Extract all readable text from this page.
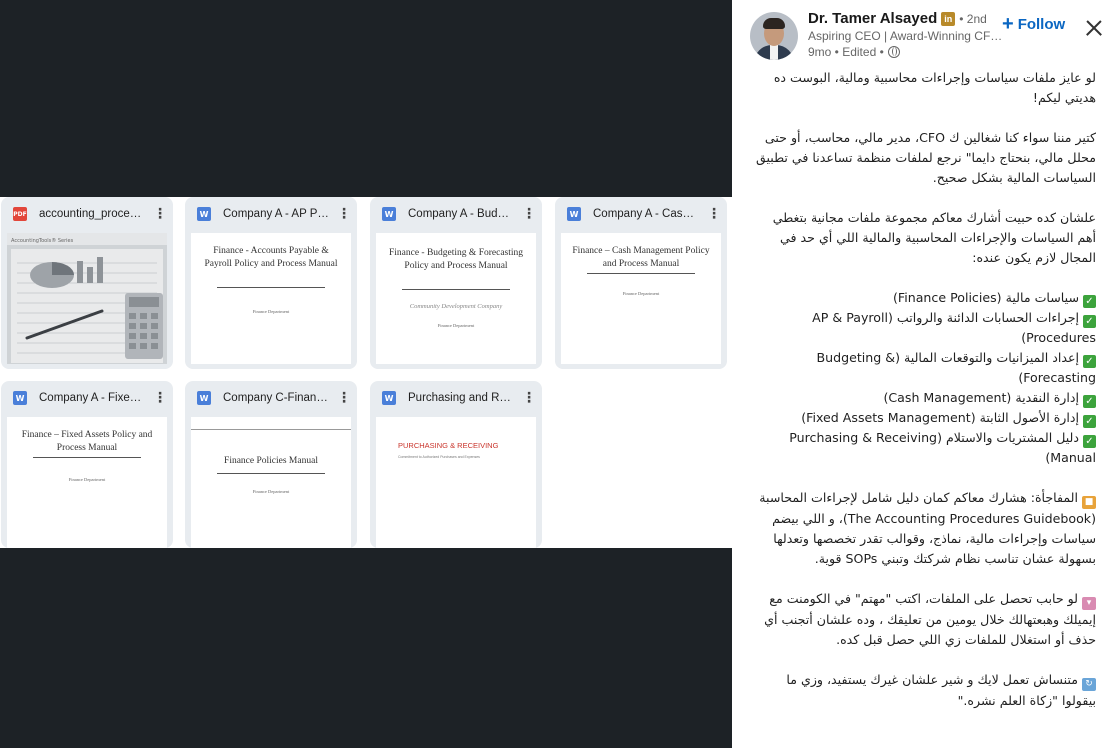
PDF accounting_proce… ⋮
AccountingTools® Series
W Company A - AP P… ⋮
Finance - Accounts Payable & Payroll Policy and Process Manual
Finance Department
W Company A - Bud… ⋮
Finance - Budgeting & Forecasting Policy and Process Manual
Community Development Company
Finance Department
W Company A - Cas… ⋮
Finance – Cash Management Policy and Process Manual
Finance Department
W Company A - Fixe… ⋮
Finance – Fixed Assets Policy and Process Manual
Finance Department
W Company C-Finan… ⋮
Finance Policies Manual
Finance Department
W Purchasing and R… ⋮
PURCHASING & RECEIVING
Commitment to Authorized Purchases and Expenses
Dr. Tamer Alsayed in • 2nd
Aspiring CEO | Award-Winning CF…
9mo • Edited •
+ Follow

لو عايز ملفات سياسات وإجراءات محاسبية ومالية، البوست ده هديتي ليكم!

كتير مننا سواء كنا شغالين ك CFO، مدير مالي، محاسب، أو حتى محلل مالي، بنحتاج دايما" نرجع لملفات منظمة تساعدنا في تطبيق السياسات المالية بشكل صحيح.

علشان كده حبيت أشارك معاكم مجموعة ملفات مجانية بتغطي أهم السياسات والإجراءات المحاسبية والمالية اللي أي حد في المجال لازم يكون عنده:

✓سياسات مالية (Finance Policies)

✓إجراءات الحسابات الدائنة والرواتب (AP & Payroll Procedures)

✓إعداد الميزانيات والتوقعات المالية (Budgeting & Forecasting)

✓إدارة النقدية (Cash Management)

✓إدارة الأصول الثابتة (Fixed Assets Management)

✓دليل المشتريات والاستلام (Purchasing & Receiving Manual)

■المفاجأة: هشارك معاكم كمان دليل شامل لإجراءات المحاسبة (The Accounting Procedures Guidebook)، و اللي بيضم سياسات وإجراءات مالية، نماذج، وقوالب تقدر تخصصها وتعدلها بسهولة عشان تناسب نظام شركتك وتبني SOPs قوية.

▾لو حابب تحصل على الملفات، اكتب "مهتم" في الكومنت مع إيميلك وهبعتهالك خلال يومين من تعليقك ، وده علشان أتجنب أي حذف أو استغلال للملفات زي اللي حصل قبل كده.

↻متنساش تعمل لايك و شير علشان غيرك يستفيد، وزي ما بيقولوا "زكاة العلم نشره."
